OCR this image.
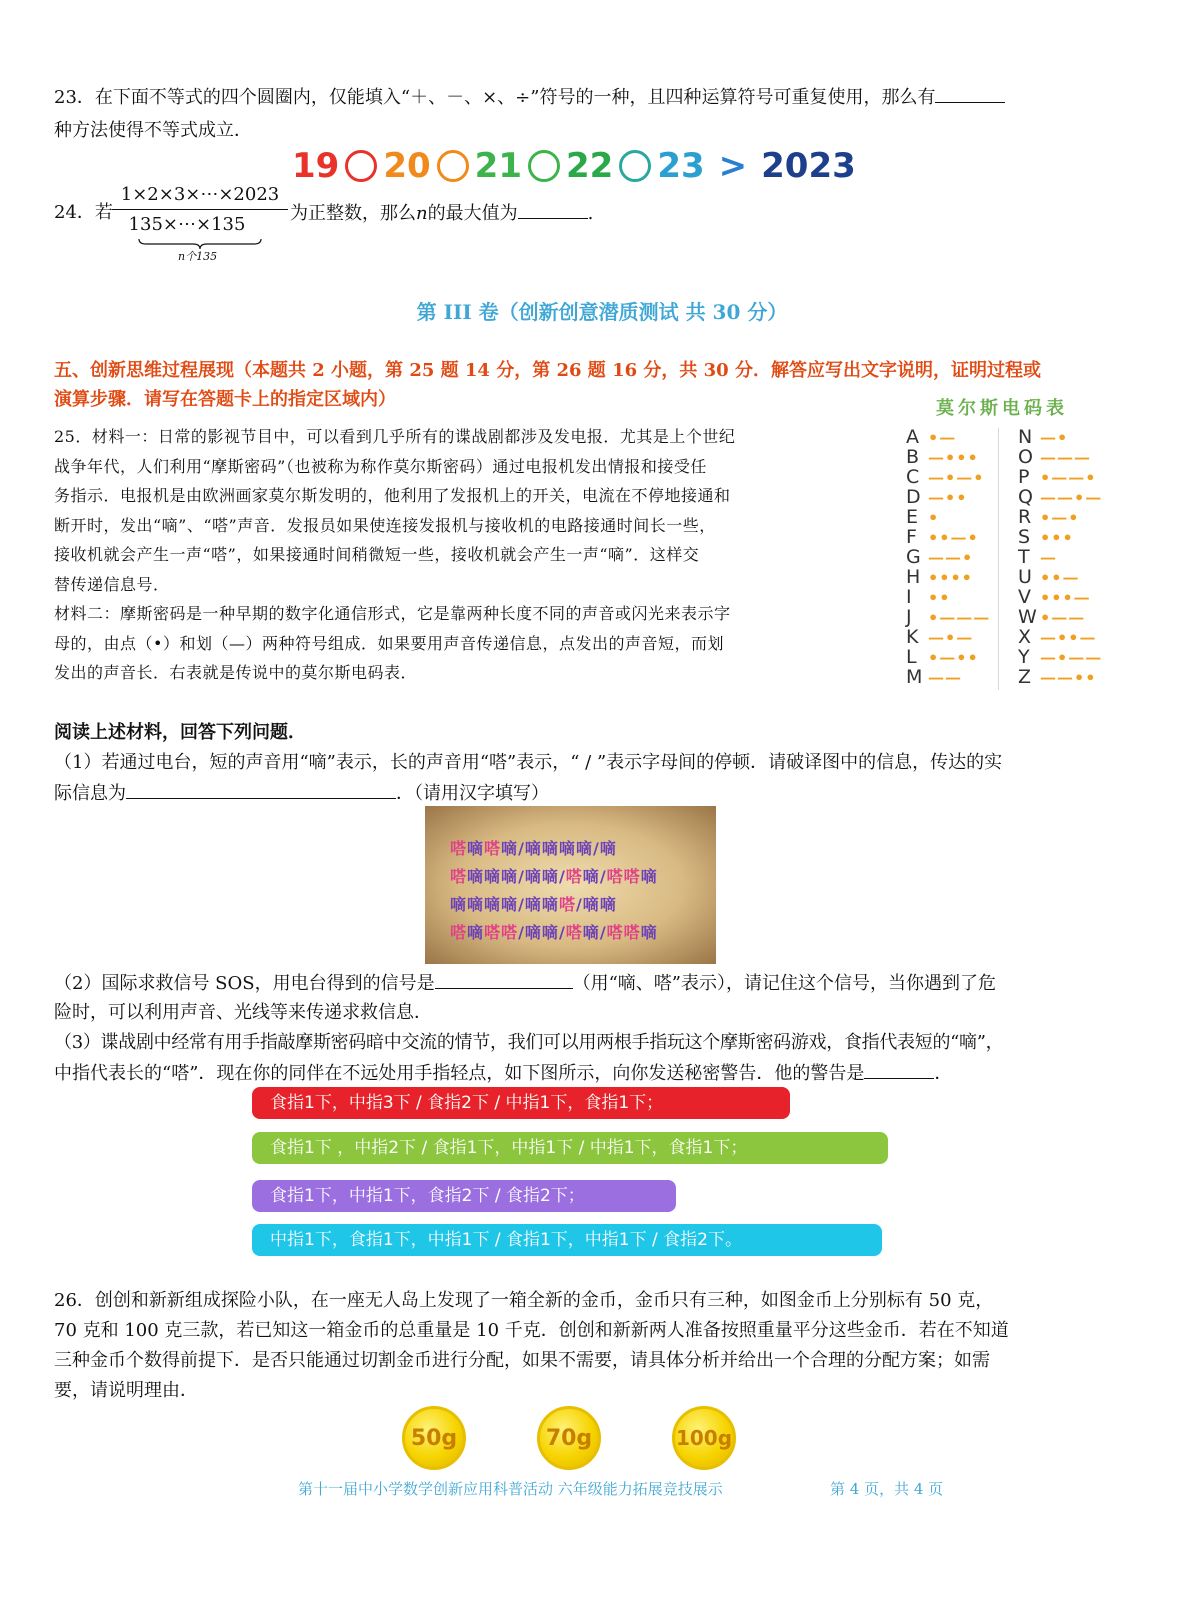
23．在下面不等式的四个圆圈内，仅能填入“＋、－、×、÷”符号的一种，且四种运算符号可重复使用，那么有
种方法使得不等式成立．
19 20 21 22 23 > 2023
24．若
1×2×3×⋯×2023
135×⋯×135
n个135
为正整数，那么n的最大值为	.
第 III 卷（创新创意潜质测试 共 30 分）
五、创新思维过程展现（本题共 2 小题，第 25 题 14 分，第 26 题 16 分，共 30 分．解答应写出文字说明，证明过程或
演算步骤．请写在答题卡上的指定区域内）	莫尔斯电码表
A •—
B —•••
C —•—•
D —••
E •
F ••—•
G ——•
H ••••
I ••
J •———
K —•—
L •—••
M ——
N —•
O ———
P •——•
Q ——•—
R •—•
S •••
T —
U ••—
V •••—
W •——
X —••—
Y —•——
Z ——••
25．材料一：日常的影视节目中，可以看到几乎所有的谍战剧都涉及发电报．尤其是上个世纪
战争年代，人们利用“摩斯密码”（也被称为称作莫尔斯密码）通过电报机发出情报和接受任
务指示．电报机是由欧洲画家莫尔斯发明的，他利用了发报机上的开关，电流在不停地接通和
断开时，发出“嘀”、“嗒”声音．发报员如果使连接发报机与接收机的电路接通时间长一些，
接收机就会产生一声“嗒”，如果接通时间稍微短一些，接收机就会产生一声“嘀”．这样交
替传递信息号．
材料二：摩斯密码是一种早期的数字化通信形式，它是靠两种长度不同的声音或闪光来表示字
母的，由点（•）和划（—）两种符号组成．如果要用声音传递信息，点发出的声音短，而划
发出的声音长．右表就是传说中的莫尔斯电码表．
阅读上述材料，回答下列问题．
（1）若通过电台，短的声音用“嘀”表示，长的声音用“嗒”表示，“ / ”表示字母间的停顿．请破译图中的信息，传达的实
际信息为	．（请用汉字填写）
嗒嘀嗒嘀/嘀嘀嘀嘀/嘀
嗒嘀嘀嘀/嘀嘀/嗒嘀/嗒嗒嘀
嘀嘀嘀嘀/嘀嘀嗒/嘀嘀
嗒嘀嗒嗒/嘀嘀/嗒嘀/嗒嗒嘀
（2）国际求救信号 SOS，用电台得到的信号是	（用“嘀、嗒”表示），请记住这个信号，当你遇到了危
险时，可以利用声音、光线等来传递求救信息．
（3）谍战剧中经常有用手指敲摩斯密码暗中交流的情节，我们可以用两根手指玩这个摩斯密码游戏，食指代表短的“嘀”，
中指代表长的“嗒”．现在你的同伴在不远处用手指轻点，如下图所示，向你发送秘密警告．他的警告是	．
食指1下，中指3下 / 食指2下 / 中指1下，食指1下；
食指1下 ，中指2下 / 食指1下，中指1下 / 中指1下，食指1下；
食指1下，中指1下，食指2下 / 食指2下；
中指1下，食指1下，中指1下 / 食指1下，中指1下 / 食指2下。
26．创创和新新组成探险小队，在一座无人岛上发现了一箱全新的金币，金币只有三种，如图金币上分别标有 50 克，
70 克和 100 克三款，若已知这一箱金币的总重量是 10 千克．创创和新新两人准备按照重量平分这些金币．若在不知道
三种金币个数得前提下．是否只能通过切割金币进行分配，如果不需要，请具体分析并给出一个合理的分配方案；如需
要，请说明理由．
50g	70g	100g
第十一届中小学数学创新应用科普活动 六年级能力拓展竞技展示	第 4 页，共 4 页
